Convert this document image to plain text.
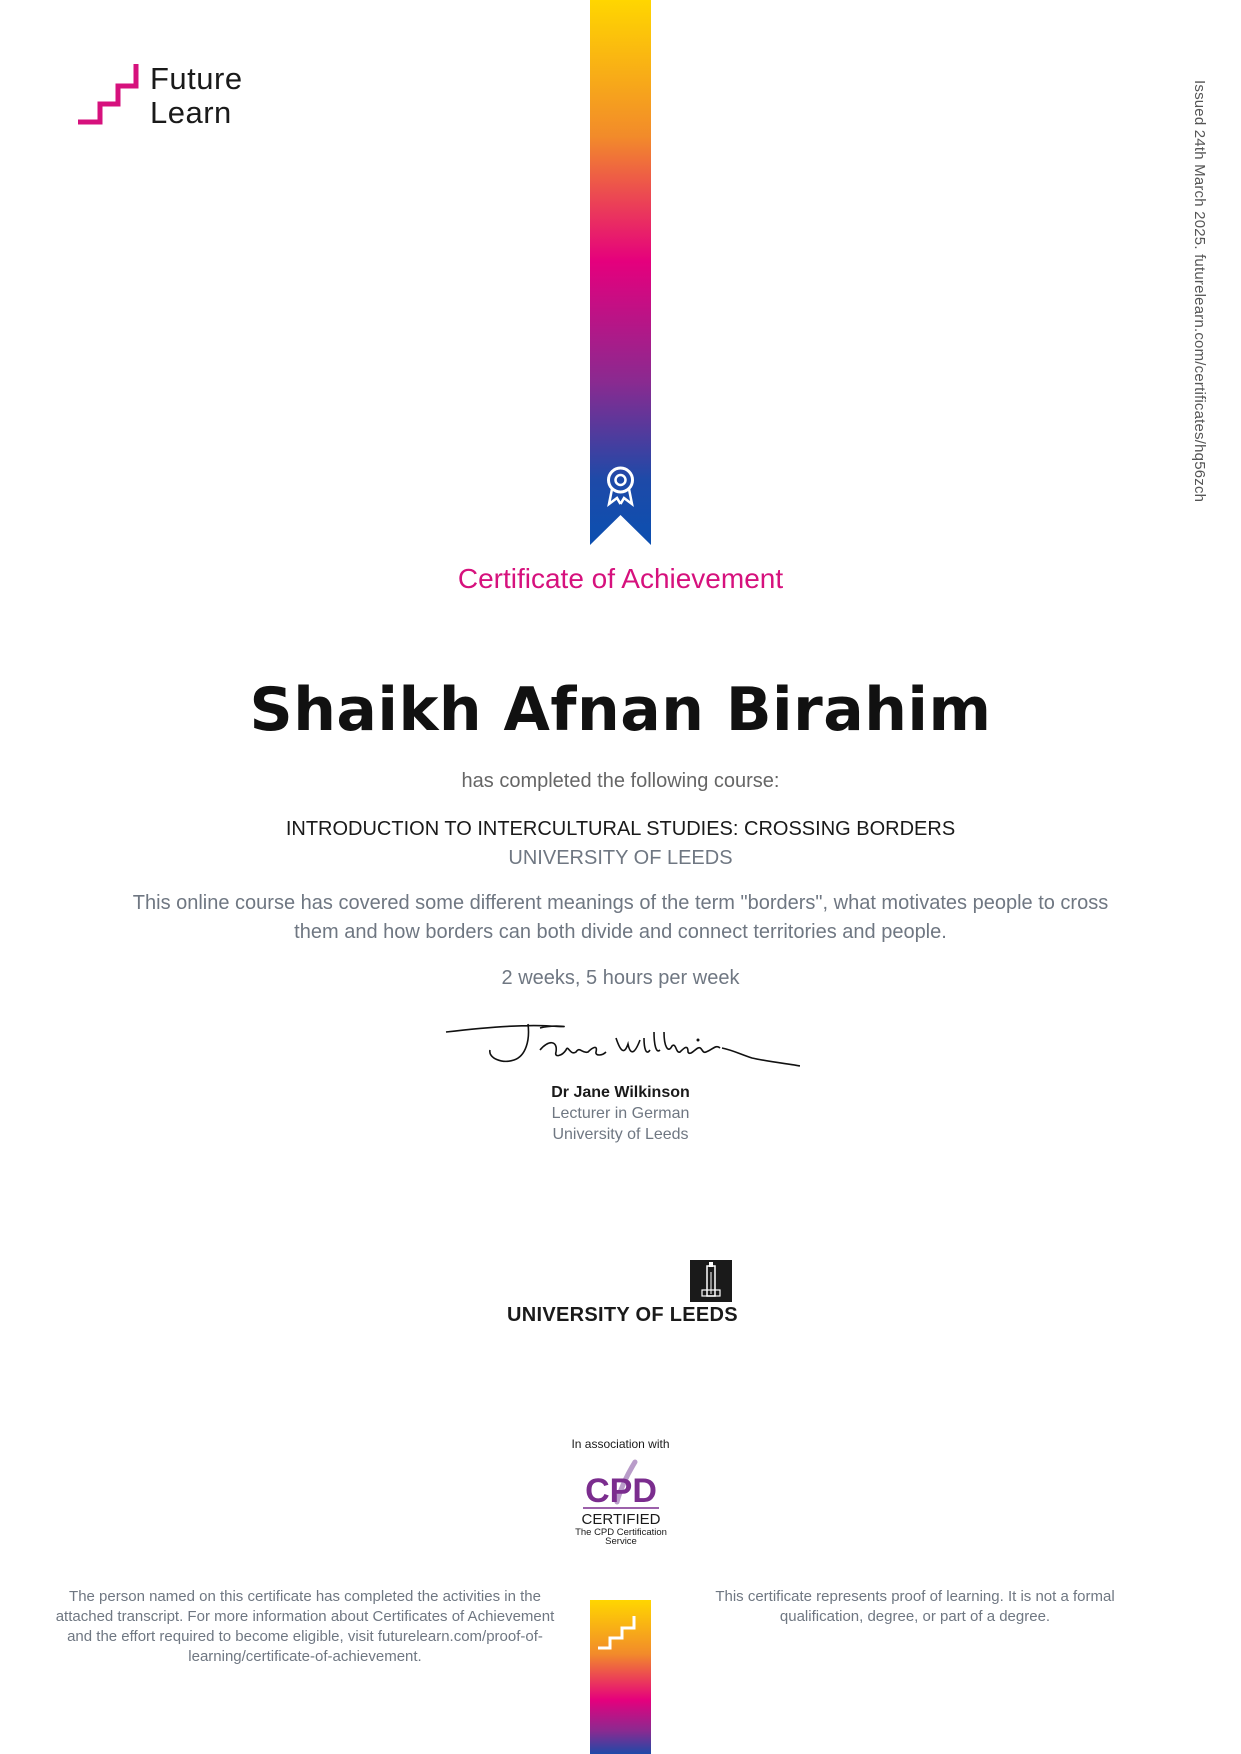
Future
Learn	Issued 24th March 2025. futurelearn.com/certificates/hq56zch
Certificate of Achievement
Shaikh Afnan Birahim
has completed the following course:
INTRODUCTION TO INTERCULTURAL STUDIES: CROSSING BORDERS
UNIVERSITY OF LEEDS
This online course has covered some different meanings of the term "borders", what motivates people to cross them and how borders can both divide and connect territories and people.
2 weeks, 5 hours per week
Dr Jane Wilkinson
Lecturer in German
University of Leeds
UNIVERSITY OF LEEDS
In association with
CPD
CERTIFIED
The CPD Certification
Service
The person named on this certificate has completed the activities in the attached transcript. For more information about Certificates of Achievement and the effort required to become eligible, visit futurelearn.com/proof-of-learning/certificate-of-achievement.
This certificate represents proof of learning. It is not a formal qualification, degree, or part of a degree.
